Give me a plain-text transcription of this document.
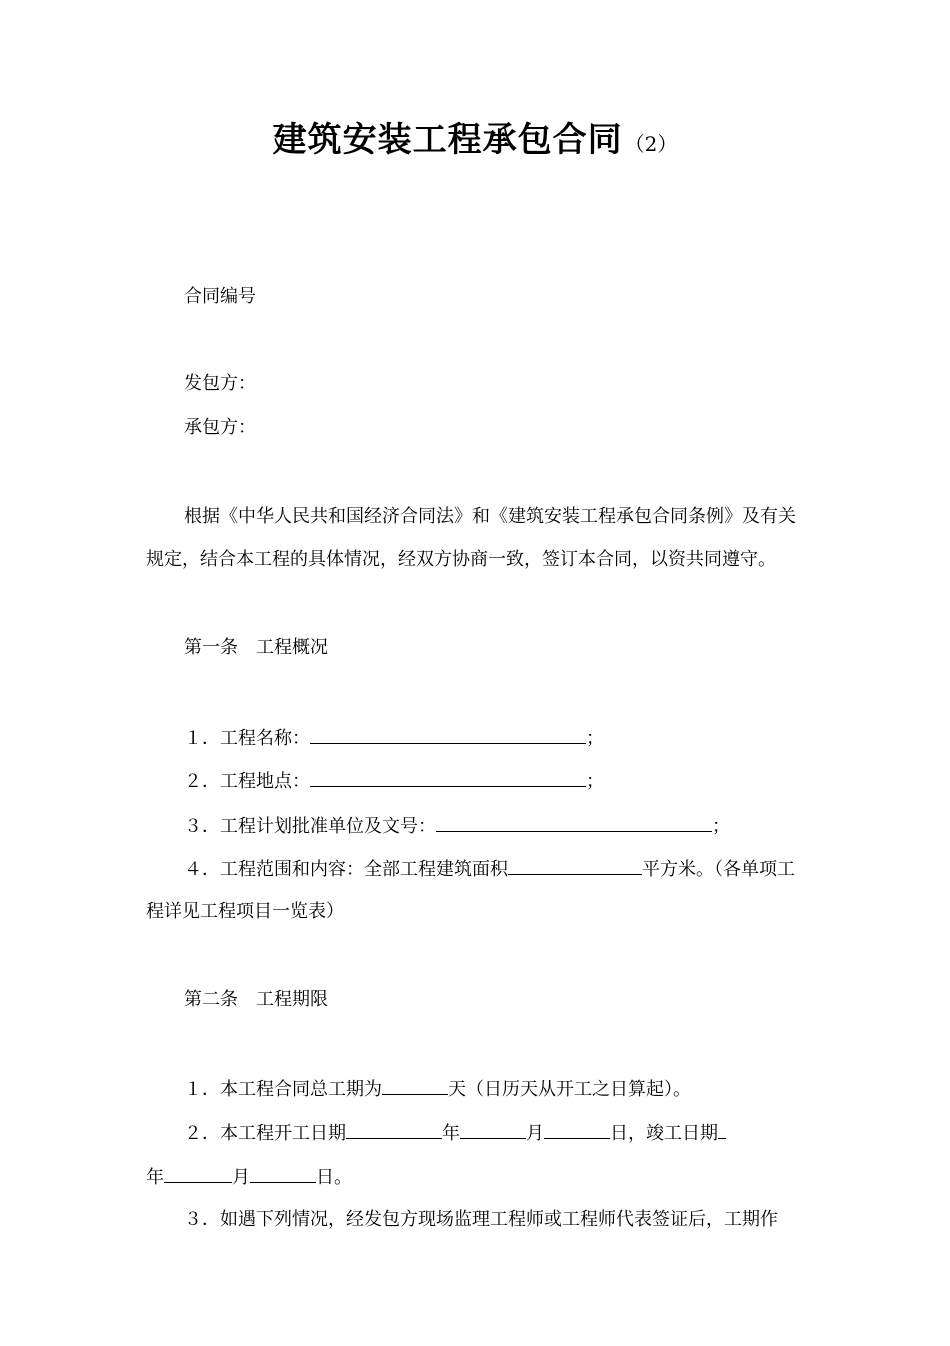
建筑安装工程承包合同 （2）
合同编号
发包方：
承包方：
根据《中华人民共和国经济合同法》和《建筑安装工程承包合同条例》及有关
规定，结合本工程的具体情况，经双方协商一致，签订本合同，以资共同遵守。
第一条　工程概况
１．工程名称：	；
２．工程地点：	；
３．工程计划批准单位及文号：	；
４．工程范围和内容：全部工程建筑面积	平方米。（各单项工
程详见工程项目一览表）
第二条　工程期限
１．本工程合同总工期为	天（日历天从开工之日算起）。
２．本工程开工日期	年	月	日，竣工日期
年	月	日。
３．如遇下列情况，经发包方现场监理工程师或工程师代表签证后，工期作
